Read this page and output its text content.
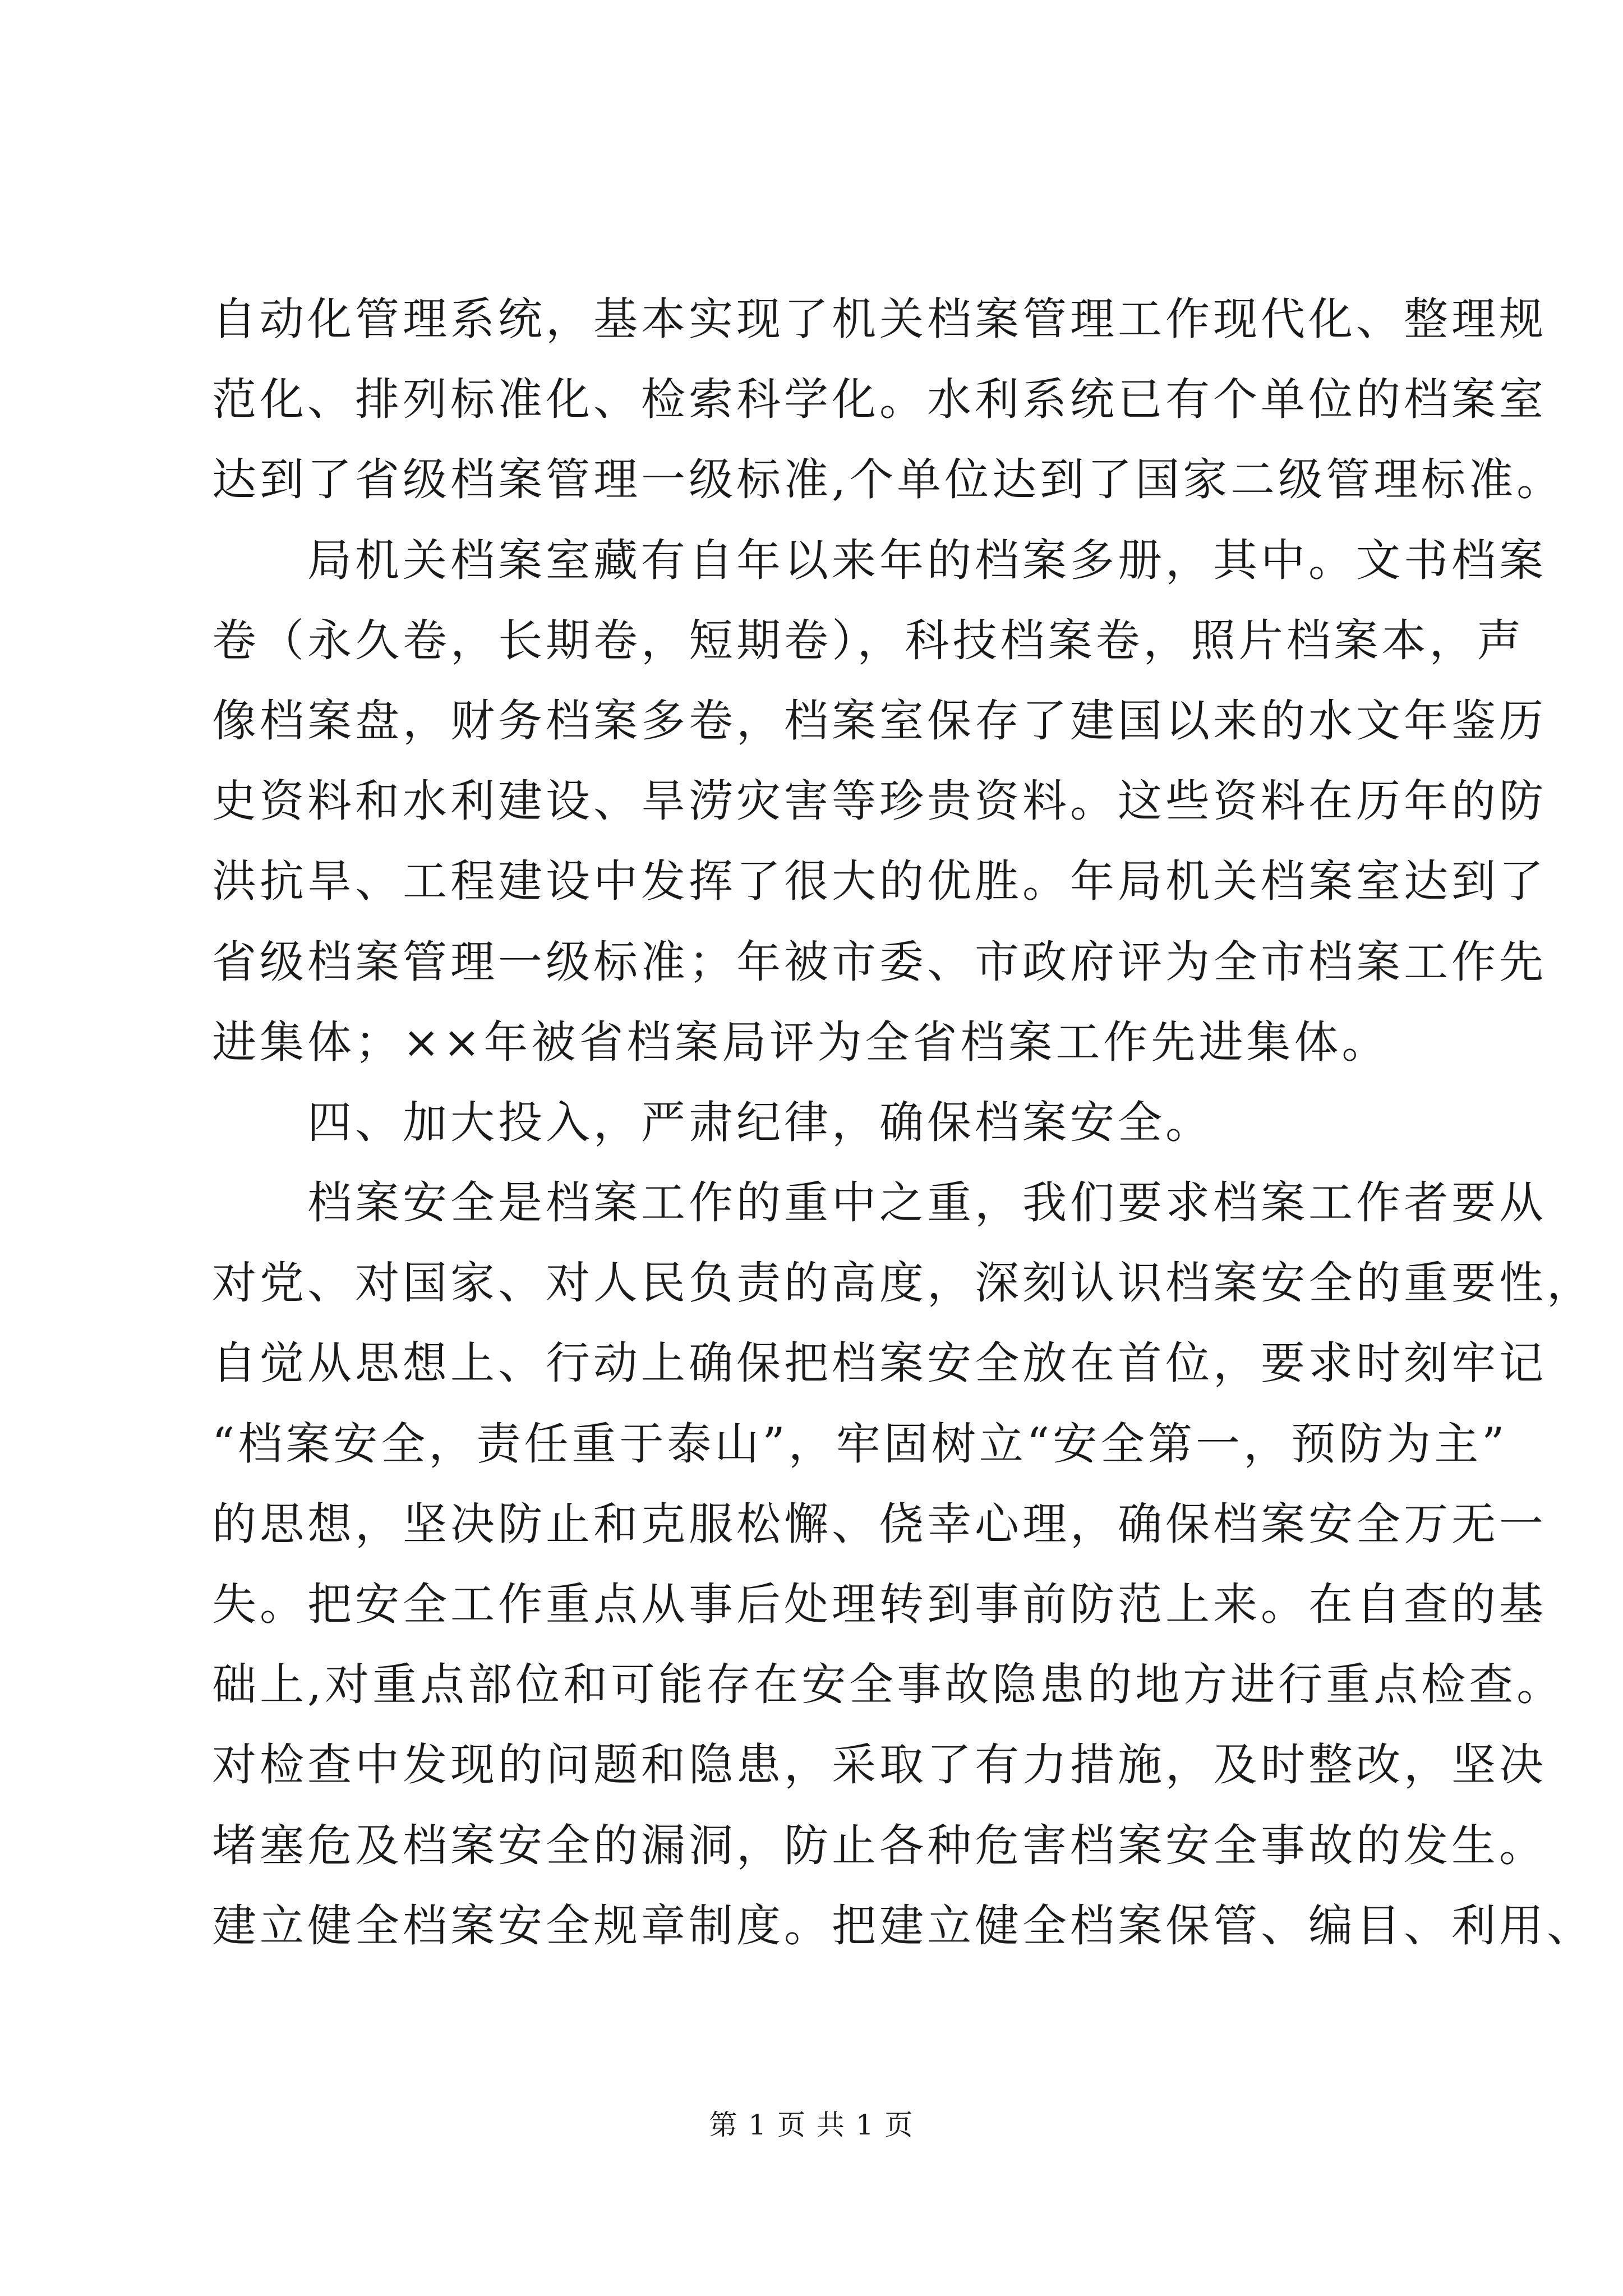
自动化管理系统，基本实现了机关档案管理工作现代化、整理规
范化、排列标准化、检索科学化。水利系统已有个单位的档案室
达到了省级档案管理一级标准,个单位达到了国家二级管理标准。
局机关档案室藏有自年以来年的档案多册，其中。文书档案
卷（永久卷，长期卷，短期卷），科技档案卷，照片档案本，声
像档案盘，财务档案多卷，档案室保存了建国以来的水文年鉴历
史资料和水利建设、旱涝灾害等珍贵资料。这些资料在历年的防
洪抗旱、工程建设中发挥了很大的优胜。年局机关档案室达到了
省级档案管理一级标准；年被市委、市政府评为全市档案工作先
进集体；××年被省档案局评为全省档案工作先进集体。
四、加大投入，严肃纪律，确保档案安全。
档案安全是档案工作的重中之重，我们要求档案工作者要从
对党、对国家、对人民负责的高度，深刻认识档案安全的重要性，
自觉从思想上、行动上确保把档案安全放在首位，要求时刻牢记
“档案安全，责任重于泰山”，牢固树立“安全第一，预防为主”
的思想，坚决防止和克服松懈、侥幸心理，确保档案安全万无一
失。把安全工作重点从事后处理转到事前防范上来。在自查的基
础上,对重点部位和可能存在安全事故隐患的地方进行重点检查。
对检查中发现的问题和隐患，采取了有力措施，及时整改，坚决
堵塞危及档案安全的漏洞，防止各种危害档案安全事故的发生。
建立健全档案安全规章制度。把建立健全档案保管、编目、利用、
第 1 页 共 1 页
